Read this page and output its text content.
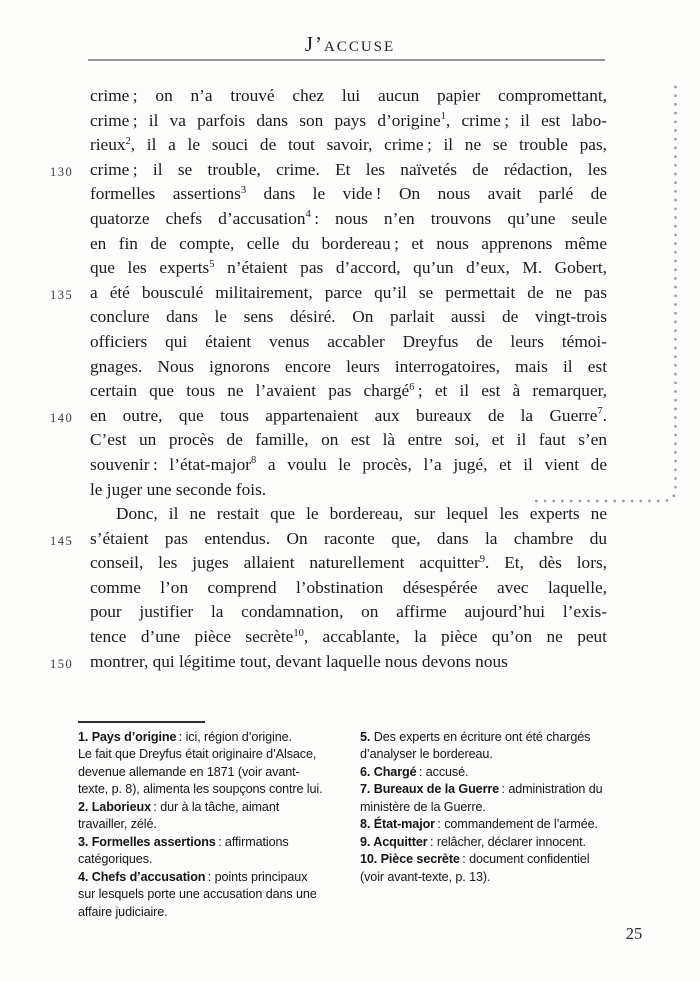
J’accuse
crime ; on n’a trouvé chez lui aucun papier compromettant,
crime ; il va parfois dans son pays d’origine$^1$, crime ; il est labo-
rieux$^2$, il a le souci de tout savoir, crime ; il ne se trouble pas,
130 crime ; il se trouble, crime. Et les naïvetés de rédaction, les
formelles assertions$^3$ dans le vide ! On nous avait parlé de
quatorze chefs d’accusation$^4$ : nous n’en trouvons qu’une seule
en fin de compte, celle du bordereau ; et nous apprenons même
que les experts$^5$ n’étaient pas d’accord, qu’un d’eux, M. Gobert,
135 a été bousculé militairement, parce qu’il se permettait de ne pas
conclure dans le sens désiré. On parlait aussi de vingt-trois
officiers qui étaient venus accabler Dreyfus de leurs témoi-
gnages. Nous ignorons encore leurs interrogatoires, mais il est
certain que tous ne l’avaient pas chargé$^6$ ; et il est à remarquer,
140 en outre, que tous appartenaient aux bureaux de la Guerre$^7$.
C’est un procès de famille, on est là entre soi, et il faut s’en
souvenir : l’état-major$^8$ a voulu le procès, l’a jugé, et il vient de
le juger une seconde fois.
Donc, il ne restait que le bordereau, sur lequel les experts ne
145 s’étaient pas entendus. On raconte que, dans la chambre du
conseil, les juges allaient naturellement acquitter$^9$. Et, dès lors,
comme l’on comprend l’obstination désespérée avec laquelle,
pour justifier la condamnation, on affirme aujourd’hui l’exis-
tence d’une pièce secrète$^{10}$, accablante, la pièce qu’on ne peut
150 montrer, qui légitime tout, devant laquelle nous devons nous
1. Pays d’origine : ici, région d’origine.
Le fait que Dreyfus était originaire d’Alsace,
devenue allemande en 1871 (voir avant-
texte, p. 8), alimenta les soupçons contre lui.
2. Laborieux : dur à la tâche, aimant
travailler, zélé.
3. Formelles assertions : affirmations
catégoriques.
4. Chefs d’accusation : points principaux
sur lesquels porte une accusation dans une
affaire judiciaire.
5. Des experts en écriture ont été chargés
d’analyser le bordereau.
6. Chargé : accusé.
7. Bureaux de la Guerre : administration du
ministère de la Guerre.
8. État-major : commandement de l’armée.
9. Acquitter : relâcher, déclarer innocent.
10. Pièce secrète : document confidentiel
(voir avant-texte, p. 13).
25
